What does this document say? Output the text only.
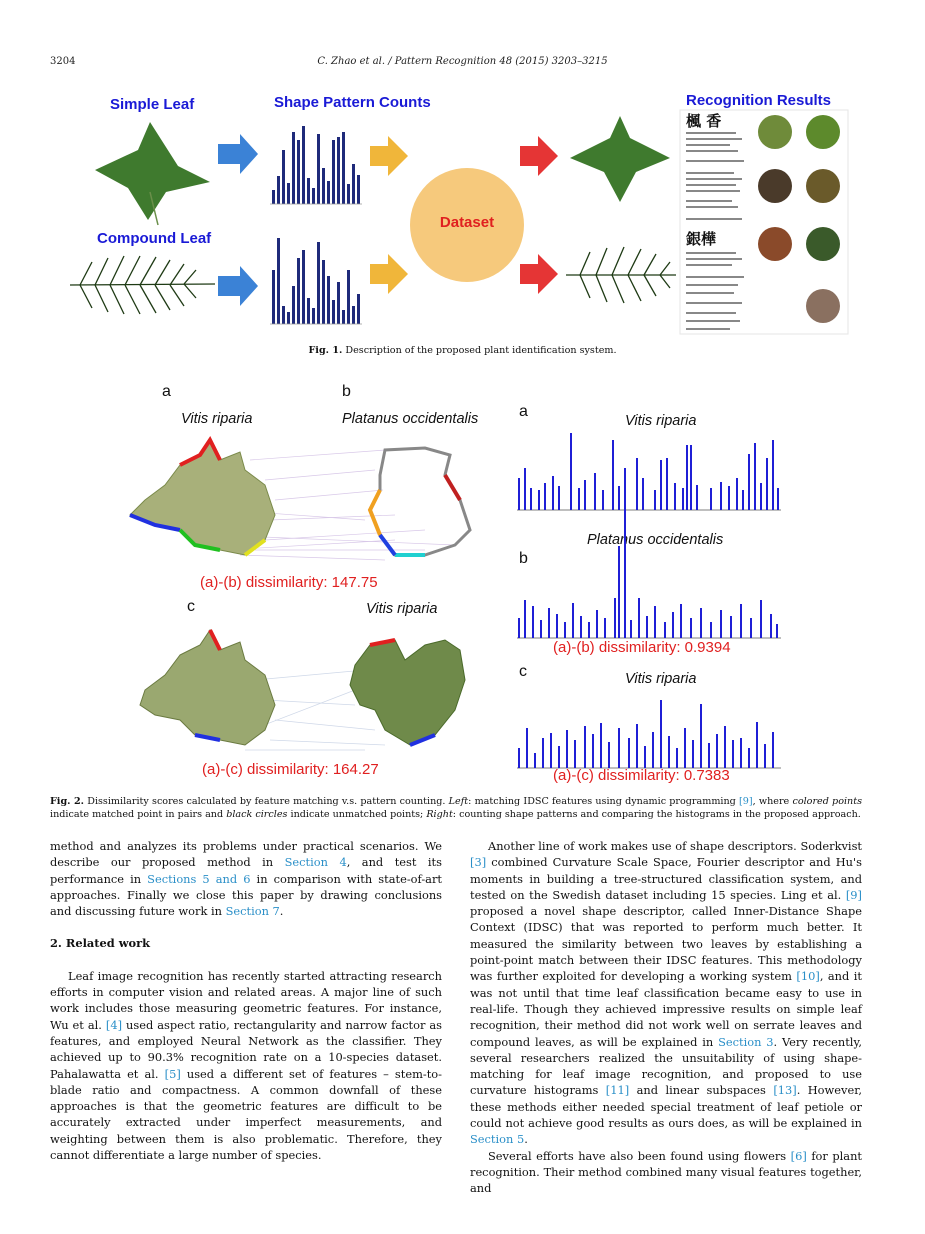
3204	C. Zhao et al. / Pattern Recognition 48 (2015) 3203–3215
Simple Leaf
Compound Leaf
Shape Pattern Counts	Recognition Results
楓 香
銀樺
Dataset
Fig. 1. Description of the proposed plant identification system.
a	b
Vitis riparia	Platanus occidentalis
(a)-(b) dissimilarity: 147.75
c	Vitis riparia
(a)-(c) dissimilarity: 164.27
a
Vitis riparia
Platanus occidentalis
b
(a)-(b) dissimilarity: 0.9394
c	Vitis riparia
(a)-(c) dissimilarity: 0.7383
Fig. 2. Dissimilarity scores calculated by feature matching v.s. pattern counting. Left: matching IDSC features using dynamic programming [9], where colored points indicate matched point in pairs and black circles indicate unmatched points; Right: counting shape patterns and comparing the histograms in the proposed approach.

method and analyzes its problems under practical scenarios. We describe our proposed method in Section 4, and test its performance in Sections 5 and 6 in comparison with state-of-art approaches. Finally we close this paper by drawing conclusions and discussing future work in Section 7.

2. Related work

Leaf image recognition has recently started attracting research efforts in computer vision and related areas. A major line of such work includes those measuring geometric features. For instance, Wu et al. [4] used aspect ratio, rectangularity and narrow factor as features, and employed Neural Network as the classifier. They achieved up to 90.3% recognition rate on a 10-species dataset. Pahalawatta et al. [5] used a different set of features – stem-to-blade ratio and compactness. A common downfall of these approaches is that the geometric features are difficult to be accurately extracted under imperfect measurements, and weighting between them is also problematic. Therefore, they cannot differentiate a large number of species.

Another line of work makes use of shape descriptors. Soderkvist [3] combined Curvature Scale Space, Fourier descriptor and Hu's moments in building a tree-structured classification system, and tested on the Swedish dataset including 15 species. Ling et al. [9] proposed a novel shape descriptor, called Inner-Distance Shape Context (IDSC) that was reported to perform much better. It measured the similarity between two leaves by establishing a point-point match between their IDSC features. This methodology was further exploited for developing a working system [10], and it was not until that time leaf classification became easy to use in real-life. Though they achieved impressive results on simple leaf recognition, their method did not work well on serrate leaves and compound leaves, as will be explained in Section 3. Very recently, several researchers realized the unsuitability of using shape-matching for leaf image recognition, and proposed to use curvature histograms [11] and linear subspaces [13]. However, these methods either needed special treatment of leaf petiole or could not achieve good results as ours does, as will be explained in Section 5.

Several efforts have also been found using flowers [6] for plant recognition. Their method combined many visual features together, and
